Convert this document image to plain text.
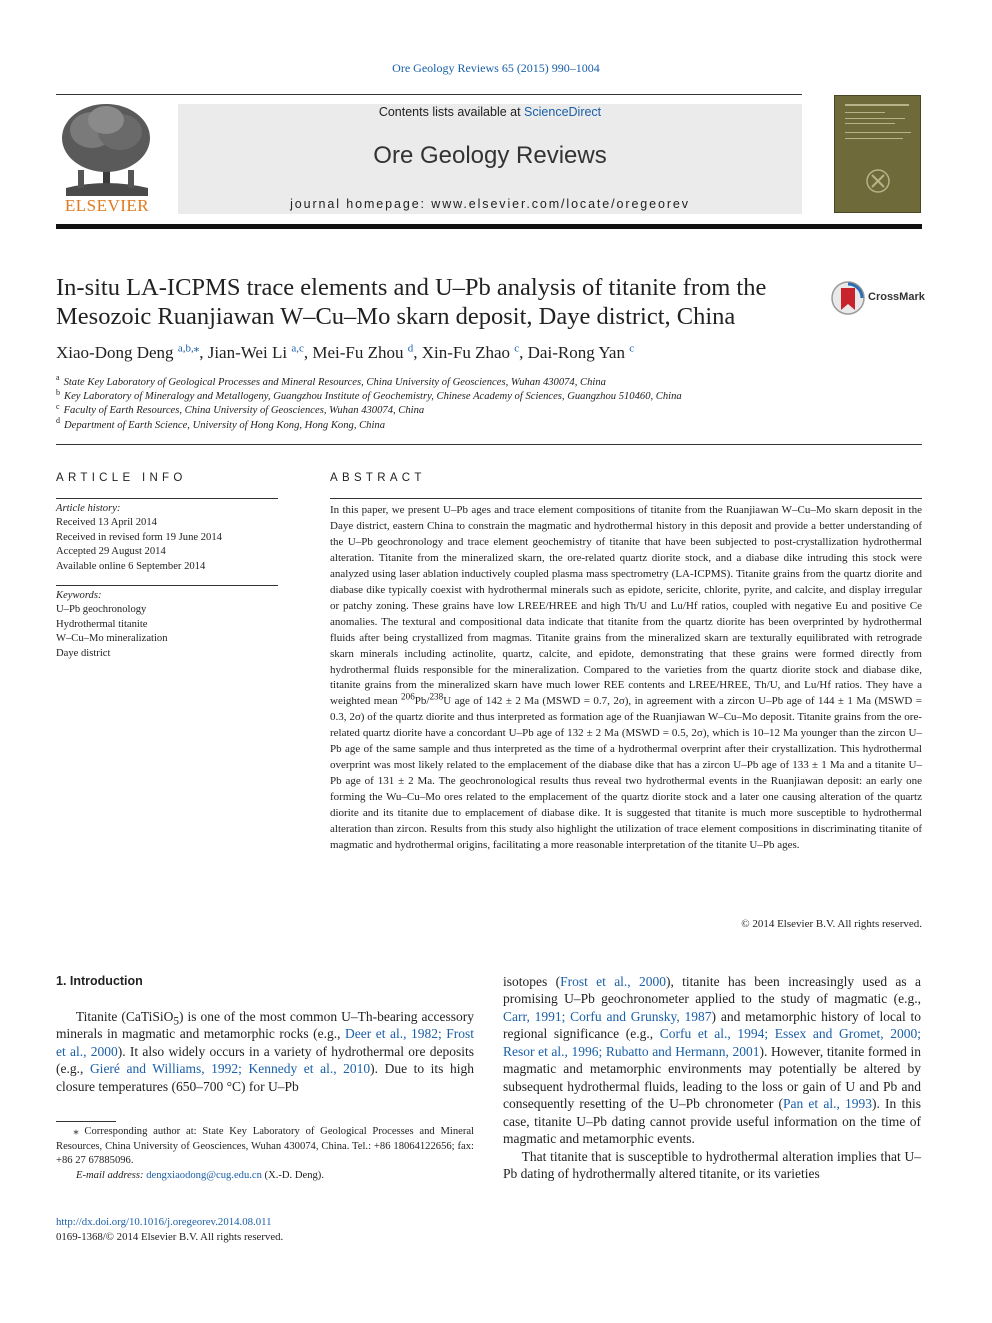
Ore Geology Reviews 65 (2015) 990–1004
ELSEVIER
Contents lists available at ScienceDirect
Ore Geology Reviews
journal homepage: www.elsevier.com/locate/oregeorev
In-situ LA-ICPMS trace elements and U–Pb analysis of titanite from the
Mesozoic Ruanjiawan W–Cu–Mo skarn deposit, Daye district, China
CrossMark
Xiao-Dong Deng $^{a,b,⁎}$, Jian-Wei Li $^{a,c}$, Mei-Fu Zhou $^d$, Xin-Fu Zhao $^c$, Dai-Rong Yan $^c$
$^a$ State Key Laboratory of Geological Processes and Mineral Resources, China University of Geosciences, Wuhan 430074, China
$^b$ Key Laboratory of Mineralogy and Metallogeny, Guangzhou Institute of Geochemistry, Chinese Academy of Sciences, Guangzhou 510460, China
$^c$ Faculty of Earth Resources, China University of Geosciences, Wuhan 430074, China
$^d$ Department of Earth Science, University of Hong Kong, Hong Kong, China
ARTICLE INFO	ABSTRACT
Article history:
Received 13 April 2014
Received in revised form 19 June 2014
Accepted 29 August 2014
Available online 6 September 2014
Keywords:
U–Pb geochronology
Hydrothermal titanite
W–Cu–Mo mineralization
Daye district
In this paper, we present U–Pb ages and trace element compositions of titanite from the Ruanjiawan W–Cu–Mo skarn deposit in the Daye district, eastern China to constrain the magmatic and hydrothermal history in this deposit and provide a better understanding of the U–Pb geochronology and trace element geochemistry of titanite that have been subjected to post-crystallization hydrothermal alteration. Titanite from the mineralized skarn, the ore-related quartz diorite stock, and a diabase dike intruding this stock were analyzed using laser ablation inductively coupled plasma mass spectrometry (LA-ICPMS). Titanite grains from the quartz diorite and diabase dike typically coexist with hydrothermal minerals such as epidote, sericite, chlorite, pyrite, and calcite, and display irregular or patchy zoning. These grains have low LREE/HREE and high Th/U and Lu/Hf ratios, coupled with negative Eu and positive Ce anomalies. The textural and compositional data indicate that titanite from the quartz diorite has been overprinted by hydrothermal fluids after being crystallized from magmas. Titanite grains from the mineralized skarn are texturally equilibrated with retrograde skarn minerals including actinolite, quartz, calcite, and epidote, demonstrating that these grains were formed directly from hydrothermal fluids responsible for the mineralization. Compared to the varieties from the quartz diorite stock and diabase dike, titanite grains from the mineralized skarn have much lower REE contents and LREE/HREE, Th/U, and Lu/Hf ratios. They have a weighted mean $^{206}$Pb/$^{238}$U age of 142 ± 2 Ma (MSWD = 0.7, 2σ), in agreement with a zircon U–Pb age of 144 ± 1 Ma (MSWD = 0.3, 2σ) of the quartz diorite and thus interpreted as formation age of the Ruanjiawan W–Cu–Mo deposit. Titanite grains from the ore-related quartz diorite have a concordant U–Pb age of 132 ± 2 Ma (MSWD = 0.5, 2σ), which is 10–12 Ma younger than the zircon U–Pb age of the same sample and thus interpreted as the time of a hydrothermal overprint after their crystallization. This hydrothermal overprint was most likely related to the emplacement of the diabase dike that has a zircon U–Pb age of 133 ± 1 Ma and a titanite U–Pb age of 131 ± 2 Ma. The geochronological results thus reveal two hydrothermal events in the Ruanjiawan deposit: an early one forming the Wu–Cu–Mo ores related to the emplacement of the quartz diorite stock and a later one causing alteration of the quartz diorite and its titanite due to emplacement of diabase dike. It is suggested that titanite is much more susceptible to hydrothermal alteration than zircon. Results from this study also highlight the utilization of trace element compositions in discriminating titanite of magmatic and hydrothermal origins, facilitating a more reasonable interpretation of the titanite U–Pb ages.
© 2014 Elsevier B.V. All rights reserved.
1. Introduction
Titanite (CaTiSiO$_5$) is one of the most common U–Th-bearing accessory minerals in magmatic and metamorphic rocks (e.g., Deer et al., 1982; Frost et al., 2000). It also widely occurs in a variety of hydrothermal ore deposits (e.g., Gieré and Williams, 1992; Kennedy et al., 2010). Due to its high closure temperatures (650–700 °C) for U–Pb
isotopes (Frost et al., 2000), titanite has been increasingly used as a promising U–Pb geochronometer applied to the study of magmatic (e.g., Carr, 1991; Corfu and Grunsky, 1987) and metamorphic history of local to regional significance (e.g., Corfu et al., 1994; Essex and Gromet, 2000; Resor et al., 1996; Rubatto and Hermann, 2001). However, titanite formed in magmatic and metamorphic environments may potentially be altered by subsequent hydrothermal fluids, leading to the loss or gain of U and Pb and consequently resetting of the U–Pb chronometer (Pan et al., 1993). In this case, titanite U–Pb dating cannot provide useful information on the time of magmatic and metamorphic events.
That titanite that is susceptible to hydrothermal alteration implies that U–Pb dating of hydrothermally altered titanite, or its varieties
⁎ Corresponding author at: State Key Laboratory of Geological Processes and Mineral Resources, China University of Geosciences, Wuhan 430074, China. Tel.: +86 18064122656; fax: +86 27 67885096.
E-mail address: dengxiaodong@cug.edu.cn (X.-D. Deng).
http://dx.doi.org/10.1016/j.oregeorev.2014.08.011
0169-1368/© 2014 Elsevier B.V. All rights reserved.
